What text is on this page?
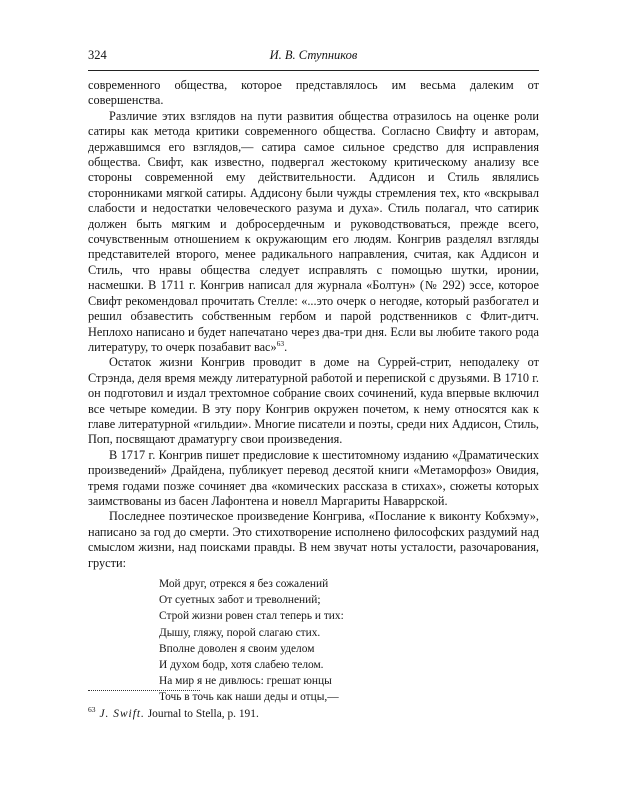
324	И. В. Ступников

современного общества, которое представлялось им весьма далеким от совершенства.

Различие этих взглядов на пути развития общества отразилось на оценке роли сатиры как метода критики современного общества. Согласно Свифту и авторам, державшимся его взглядов,— сатира самое сильное средство для исправления общества. Свифт, как известно, подвергал жестокому критическому анализу все стороны современной ему действительности. Аддисон и Стиль являлись сторонниками мягкой сатиры. Аддисону были чужды стремления тех, кто «вскрывал слабости и недостатки человеческого разума и духа». Стиль полагал, что сатирик должен быть мягким и добросердечным и руководствоваться, прежде всего, сочувственным отношением к окружающим его людям. Конгрив разделял взгляды представителей второго, менее радикального направления, считая, как Аддисон и Стиль, что нравы общества следует исправлять с помощью шутки, иронии, насмешки. В 1711 г. Конгрив написал для журнала «Болтун» (№ 292) эссе, которое Свифт рекомендовал прочитать Стелле: «...это очерк о негодяе, который разбогател и решил обзавестить собственным гербом и парой родственников с Флит-дитч. Неплохо написано и будет напечатано через два-три дня. Если вы любите такого рода литературу, то очерк позабавит вас»$^{63}$.

Остаток жизни Конгрив проводит в доме на Суррей-стрит, неподалеку от Стрэнда, деля время между литературной работой и перепиской с друзьями. В 1710 г. он подготовил и издал трехтомное собрание своих сочинений, куда впервые включил все четыре комедии. В эту пору Конгрив окружен почетом, к нему относятся как к главе литературной «гильдии». Многие писатели и поэты, среди них Аддисон, Стиль, Поп, посвящают драматургу свои произведения.

В 1717 г. Конгрив пишет предисловие к шеститомному изданию «Драматических произведений» Драйдена, публикует перевод десятой книги «Метаморфоз» Овидия, тремя годами позже сочиняет два «комических рассказа в стихах», сюжеты которых заимствованы из басен Лафонтена и новелл Маргариты Наваррской.

Последнее поэтическое произведение Конгрива, «Послание к виконту Кобхэму», написано за год до смерти. Это стихотворение исполнено философских раздумий над смыслом жизни, над поисками правды. В нем звучат ноты усталости, разочарования, грусти:

Мой друг, отрекся я без сожалений
От суетных забот и треволнений;
Строй жизни ровен стал теперь и тих:
Дышу, гляжу, порой слагаю стих.
Вполне доволен я своим уделом
И духом бодр, хотя слабею телом.
На мир я не дивлюсь: грешат юнцы
Точь в точь как наши деды и отцы,—
$^{63}$ J. Swift. Journal to Stella, p. 191.
